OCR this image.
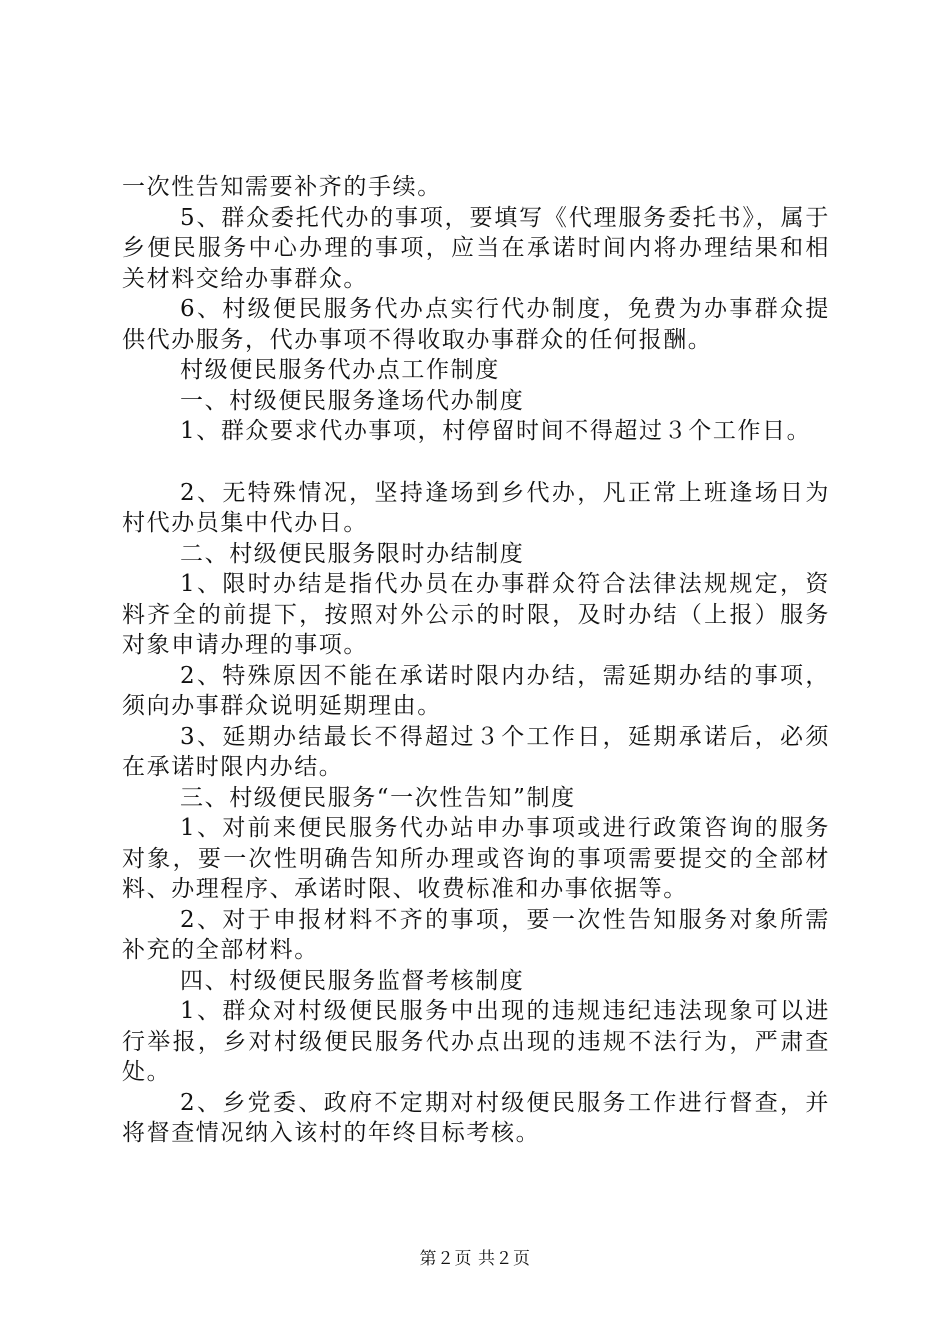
一次性告知需要补齐的手续。

5、群众委托代办的事项，要填写《代理服务委托书》，属于乡便民服务中心办理的事项，应当在承诺时间内将办理结果和相关材料交给办事群众。

6、村级便民服务代办点实行代办制度，免费为办事群众提供代办服务，代办事项不得收取办事群众的任何报酬。

村级便民服务代办点工作制度

一、村级便民服务逢场代办制度

1、群众要求代办事项，村停留时间不得超过３个工作日。

2、无特殊情况，坚持逢场到乡代办，凡正常上班逢场日为村代办员集中代办日。

二、村级便民服务限时办结制度

1、限时办结是指代办员在办事群众符合法律法规规定，资料齐全的前提下，按照对外公示的时限，及时办结（上报）服务对象申请办理的事项。

2、特殊原因不能在承诺时限内办结，需延期办结的事项，须向办事群众说明延期理由。

3、延期办结最长不得超过３个工作日，延期承诺后，必须在承诺时限内办结。

三、村级便民服务“一次性告知”制度

1、对前来便民服务代办站申办事项或进行政策咨询的服务对象，要一次性明确告知所办理或咨询的事项需要提交的全部材料、办理程序、承诺时限、收费标准和办事依据等。

2、对于申报材料不齐的事项，要一次性告知服务对象所需补充的全部材料。

四、村级便民服务监督考核制度

1、群众对村级便民服务中出现的违规违纪违法现象可以进行举报，乡对村级便民服务代办点出现的违规不法行为，严肃查处。

2、乡党委、政府不定期对村级便民服务工作进行督查，并将督查情况纳入该村的年终目标考核。

第２页 共２页
